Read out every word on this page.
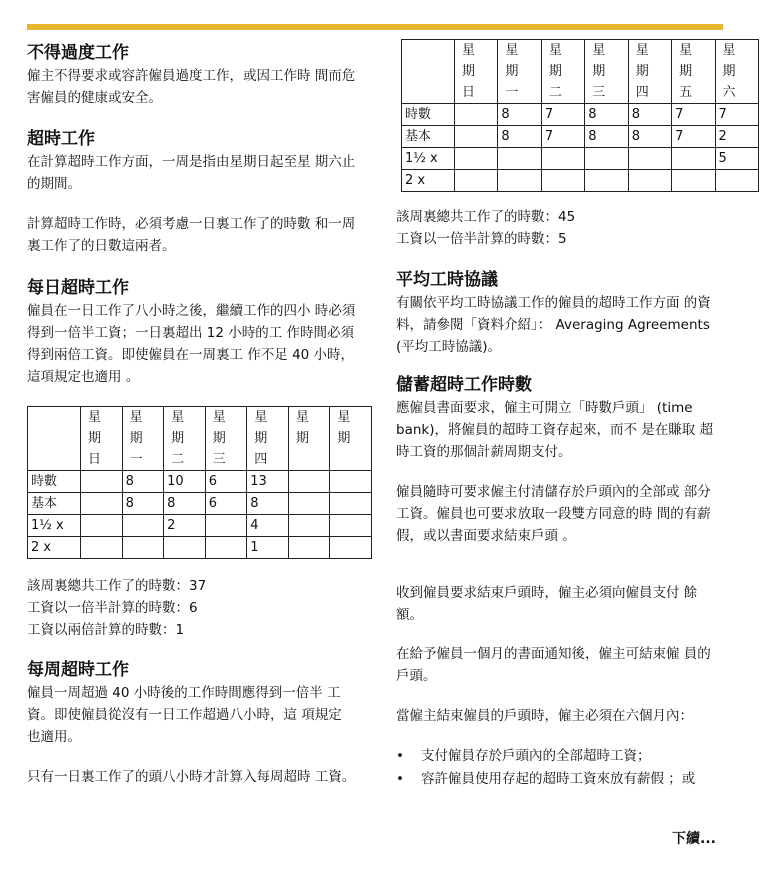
不得過度工作

僱主不得要求或容許僱員過度工作，或因工作時 間而危害僱員的健康或安全。

超時工作

在計算超時工作方面，一周是指由星期日起至星 期六止的期間。

計算超時工作時，必須考慮一日裏工作了的時數 和一周裏工作了的日數這兩者。

每日超時工作

僱員在一日工作了八小時之後，繼續工作的四小 時必須得到一倍半工資；一日裏超出 12 小時的工 作時間必須得到兩倍工資。即使僱員在一周裏工 作不足 40 小時，這項規定也適用 。

	星
期
日	星
期
一	星
期
二	星
期
三	星
期
四	星
期	星
期

時數		8	10	6	13		
基本		8	8	6	8		
1½ x			2		4		
2 x					1		

該周裏總共工作了的時數：37

工資以一倍半計算的時數：6

工資以兩倍計算的時數：1

每周超時工作

僱員一周超過 40 小時後的工作時間應得到一倍半 工資。即使僱員從沒有一日工作超過八小時，這 項規定也適用。

只有一日裏工作了的頭八小時才計算入每周超時 工資。

	星
期
日	星
期
一	星
期
二	星
期
三	星
期
四	星
期
五	星
期
六

時數		8	7	8	8	7	7
基本		8	7	8	8	7	2
1½ x							5
2 x							

該周裏總共工作了的時數：45

工資以一倍半計算的時數：5

平均工時協議

有關依平均工時協議工作的僱員的超時工作方面 的資料，請參閱「資料介紹」： Averaging Agreements (平均工時協議)。

儲蓄超時工作時數

應僱員書面要求，僱主可開立「時數戶頭」 (time bank)，將僱員的超時工資存起來，而不 是在賺取 超時工資的那個計薪周期支付。

僱員隨時可要求僱主付清儲存於戶頭內的全部或 部分工資。僱員也可要求放取一段雙方同意的時 間的有薪假，或以書面要求結束戶頭 。

收到僱員要求結束戶頭時，僱主必須向僱員支付 餘額。

在給予僱員一個月的書面通知後，僱主可結束僱 員的戶頭。

當僱主結束僱員的戶頭時，僱主必須在六個月內：

• 支付僱員存於戶頭內的全部超時工資；
• 容許僱員使用存起的超時工資來放有薪假 ；或
下續...
